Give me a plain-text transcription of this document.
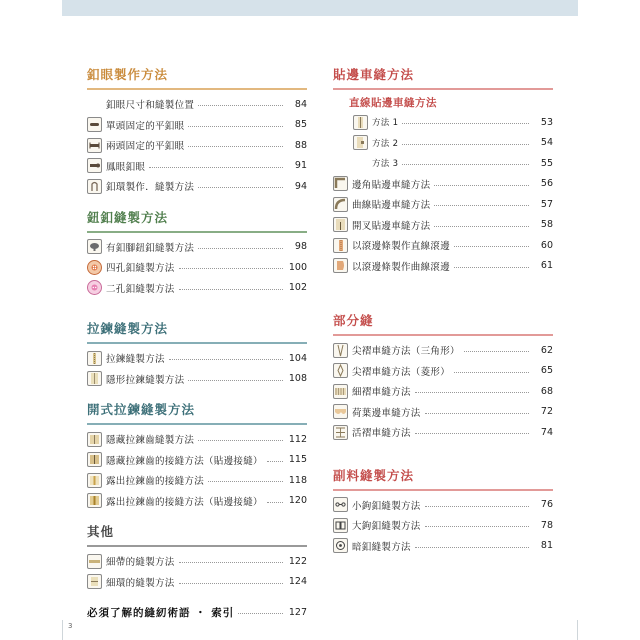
釦眼製作方法
釦眼尺寸和縫製位置	84
單頭固定的平釦眼	85
兩頭固定的平釦眼	88
鳳眼釦眼	91
釦環製作．縫製方法	94
鈕釦縫製方法
有釦腳鈕釦縫製方法	98
四孔釦縫製方法	100
二孔釦縫製方法	102
拉鍊縫製方法
拉鍊縫製方法	104
隱形拉鍊縫製方法	108
開式拉鍊縫製方法
隱藏拉鍊齒縫製方法	112
隱藏拉鍊齒的接縫方法（貼邊接縫）	115
露出拉鍊齒的接縫方法	118
露出拉鍊齒的接縫方法（貼邊接縫）	120
其他
細帶的縫製方法	122
細環的縫製方法	124
必須了解的縫紉術語 ・ 索引	127
貼邊車縫方法
直線貼邊車縫方法
方法 1	53
方法 2	54
方法 3	55
邊角貼邊車縫方法	56
曲線貼邊車縫方法	57
開叉貼邊車縫方法	58
以滾邊條製作直線滾邊	60
以滾邊條製作曲線滾邊	61
部分縫
尖褶車縫方法（三角形）	62
尖褶車縫方法（菱形）	65
細褶車縫方法	68
荷葉邊車縫方法	72
活褶車縫方法	74
副料縫製方法
小鉤釦縫製方法	76
大鉤釦縫製方法	78
暗釦縫製方法	81
3
